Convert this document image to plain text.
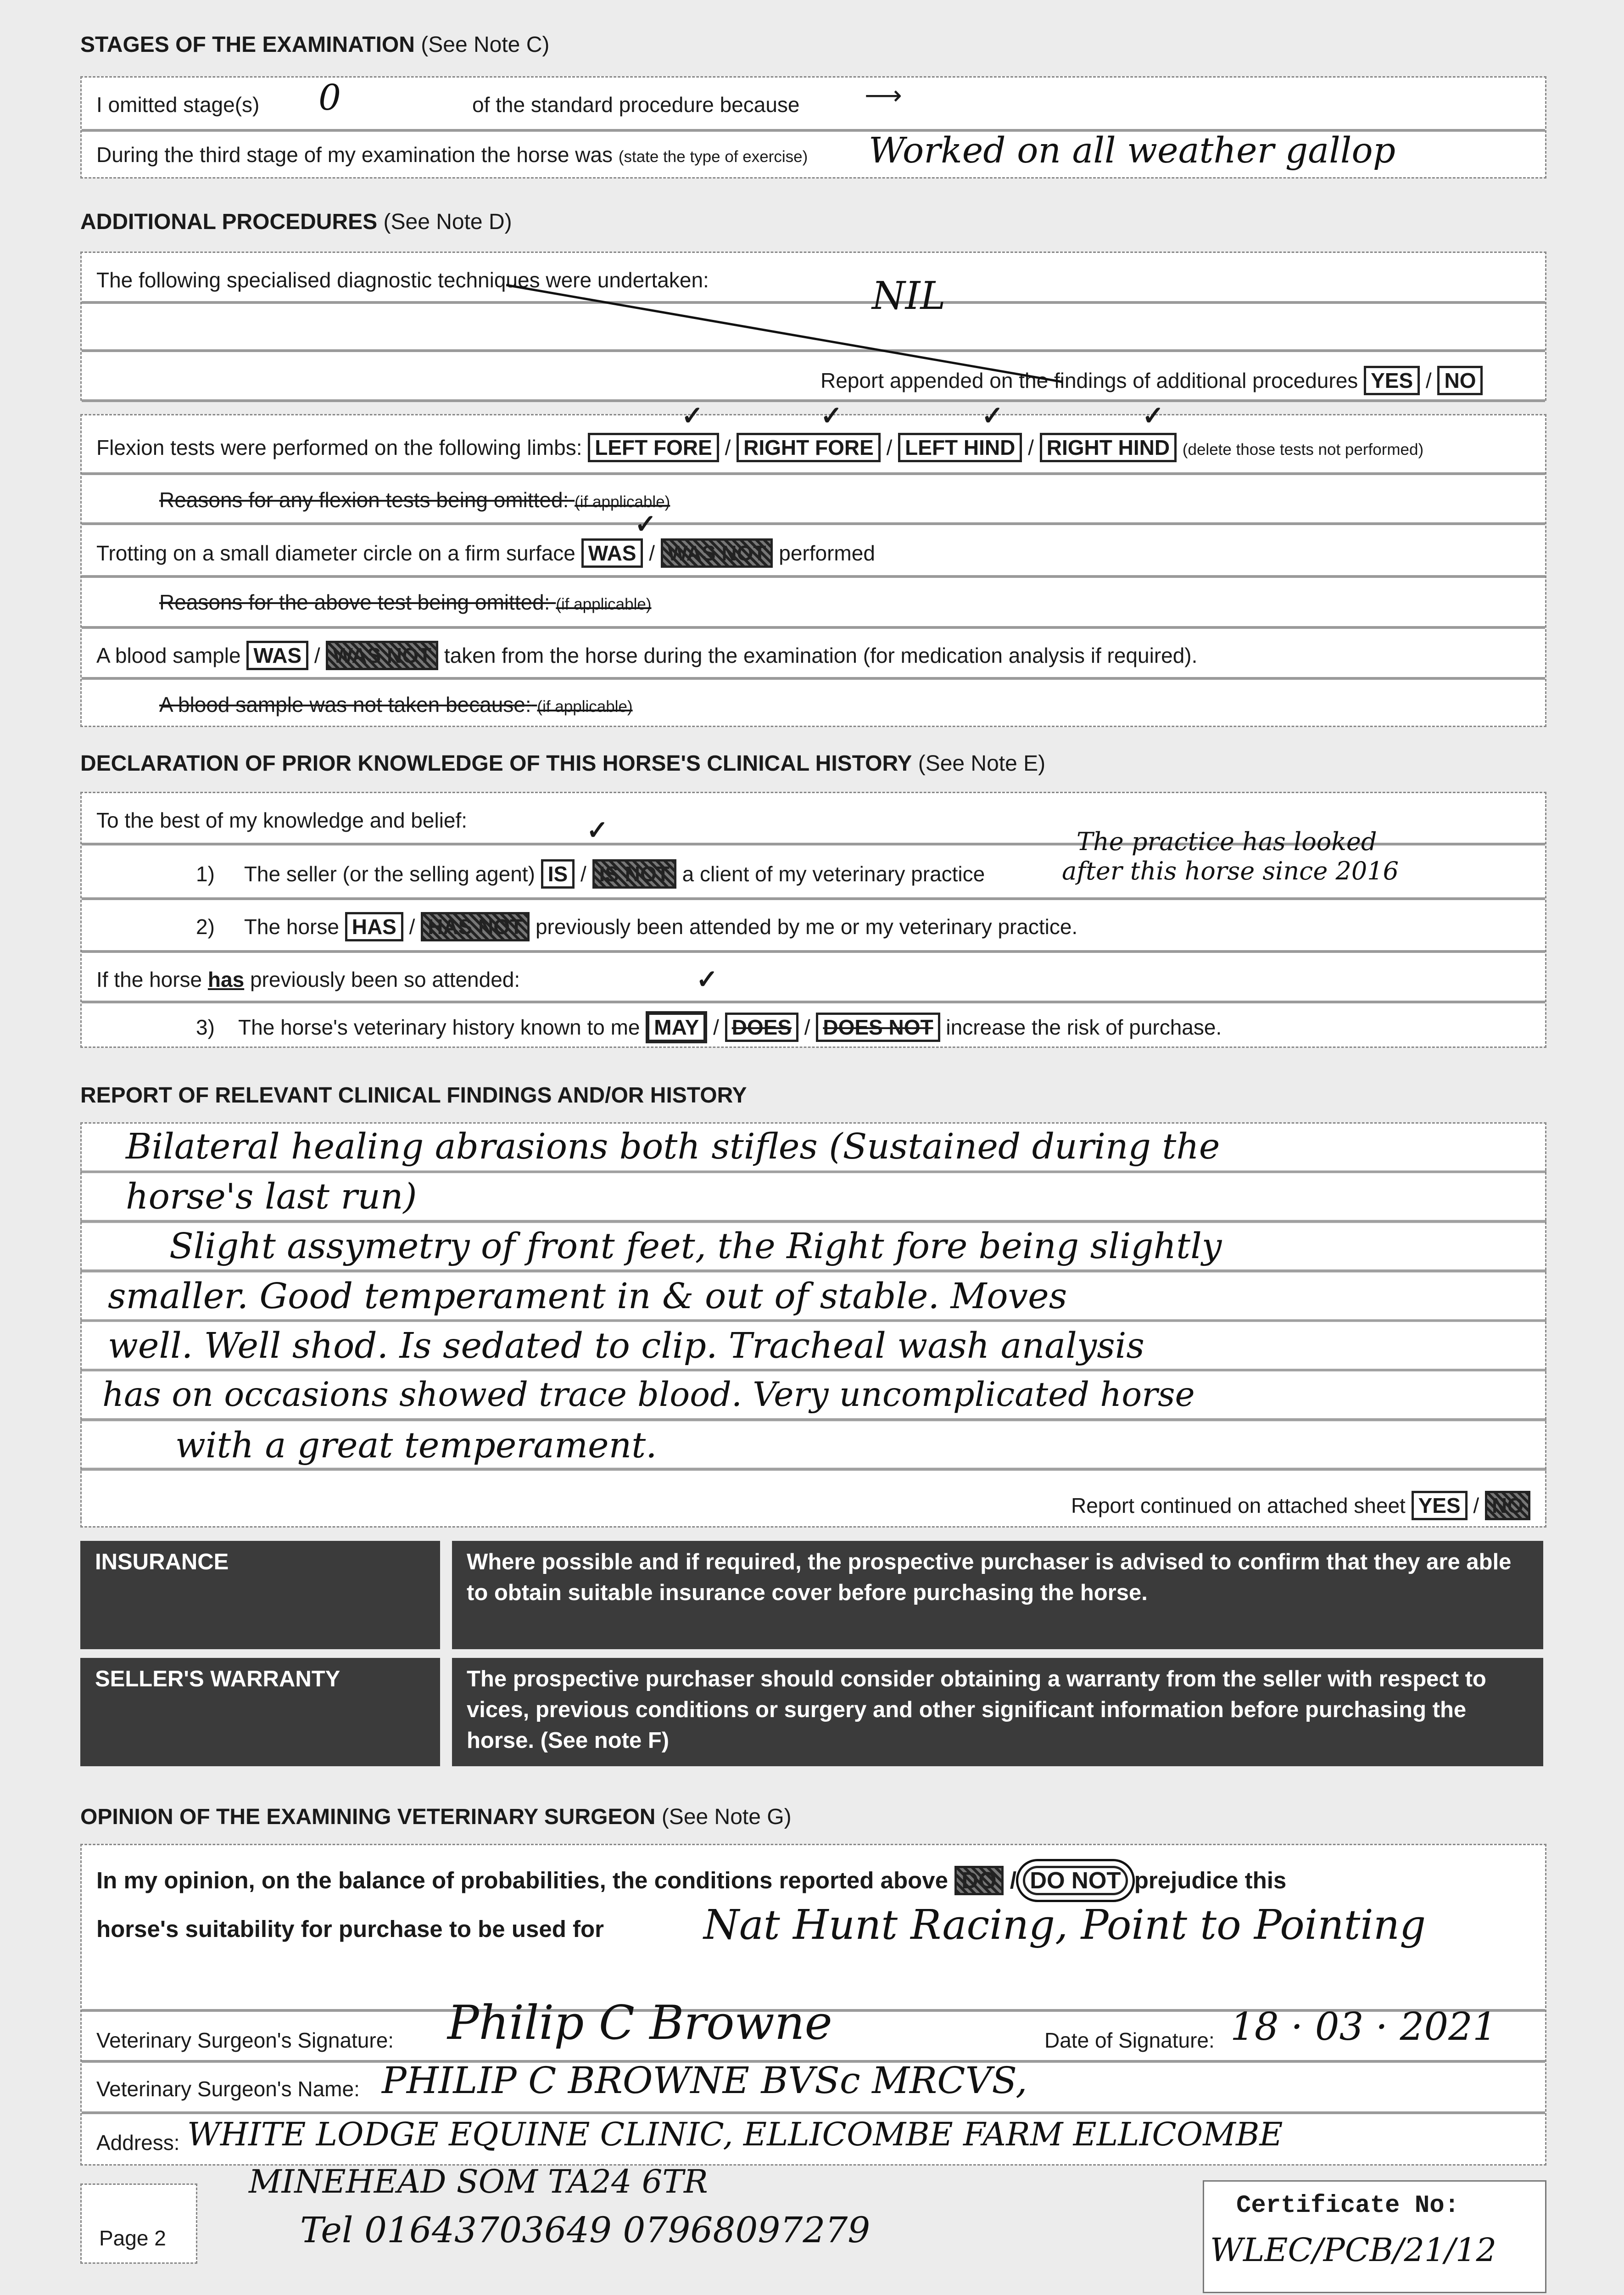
STAGES OF THE EXAMINATION (See Note C)
I omitted stage(s) 0	of the standard procedure because ⟶
During the third stage of my examination the horse was (state the type of exercise) Worked on all weather gallop
ADDITIONAL PROCEDURES (See Note D)
The following specialised diagnostic techniques were undertaken:	NIL
Report appended on the findings of additional procedures YES / NO
Flexion tests were performed on the following limbs: LEFT FORE / RIGHT FORE / LEFT HIND / RIGHT HIND (delete those tests not performed)
✓	✓	✓	✓
Reasons for any flexion tests being omitted: (if applicable)
Trotting on a small diameter circle on a firm surface WAS / WAS NOT performed
✓
Reasons for the above test being omitted: (if applicable)
A blood sample WAS / WAS NOT taken from the horse during the examination (for medication analysis if required).
A blood sample was not taken because: (if applicable)
DECLARATION OF PRIOR KNOWLEDGE OF THIS HORSE'S CLINICAL HISTORY (See Note E)
To the best of my knowledge and belief:
1) The seller (or the selling agent) IS / IS NOT a client of my veterinary practice
✓	The practice has looked
after this horse since 2016
2) The horse HAS / HAS NOT previously been attended by me or my veterinary practice.
If the horse has previously been so attended:
3) The horse's veterinary history known to me MAY / DOES / DOES NOT increase the risk of purchase.
✓
REPORT OF RELEVANT CLINICAL FINDINGS AND/OR HISTORY
Bilateral healing abrasions both stifles (Sustained during the
horse's last run)
Slight assymetry of front feet, the Right fore being slightly
smaller. Good temperament in & out of stable. Moves
well. Well shod. Is sedated to clip. Tracheal wash analysis
has on occasions showed trace blood. Very uncomplicated horse
with a great temperament.
Report continued on attached sheet YES / NO
INSURANCE	Where possible and if required, the prospective purchaser is advised to confirm that they are able to obtain suitable insurance cover before purchasing the horse.
SELLER'S WARRANTY	The prospective purchaser should consider obtaining a warranty from the seller with respect to vices, previous conditions or surgery and other significant information before purchasing the horse. (See note F)
OPINION OF THE EXAMINING VETERINARY SURGEON (See Note G)
In my opinion, on the balance of probabilities, the conditions reported above DO / DO NOT prejudice this
horse's suitability for purchase to be used for Nat Hunt Racing, Point to Pointing
Veterinary Surgeon's Signature: Philip C Browne	Date of Signature: 18 · 03 · 2021
Veterinary Surgeon's Name: PHILIP C BROWNE BVSc MRCVS,
Address: WHITE LODGE EQUINE CLINIC, ELLICOMBE FARM ELLICOMBE
MINEHEAD SOM TA24 6TR
Tel 01643703649 07968097279
Page 2
Certificate No:
WLEC/PCB/21/12
